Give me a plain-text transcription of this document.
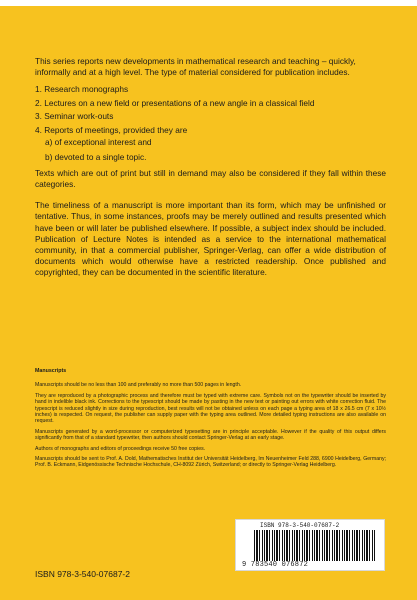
This series reports new developments in mathematical research and teaching – quickly, informally and at a high level. The type of material considered for publication includes.

1. Research monographs
2. Lectures on a new field or presentations of a new angle in a classical field
3. Seminar work-outs
4. Reports of meetings, provided they are
a) of exceptional interest and
b) devoted to a single topic.

Texts which are out of print but still in demand may also be considered if they fall within these categories.

The timeliness of a manuscript is more important than its form, which may be unfinished or tentative. Thus, in some instances, proofs may be merely outlined and results presented which have been or will later be published elsewhere. If possible, a subject index should be included. Publication of Lecture Notes is intended as a service to the international mathematical community, in that a commercial publisher, Springer-Verlag, can offer a wide distribution of documents which would otherwise have a restricted readership. Once published and copyrighted, they can be documented in the scientific literature.

Manuscripts

Manuscripts should be no less than 100 and preferably no more than 500 pages in length.

They are reproduced by a photographic process and therefore must be typed with extreme care. Symbols not on the typewriter should be inserted by hand in indelible black ink. Corrections to the typescript should be made by pasting in the new text or painting out errors with white correction fluid. The typescript is reduced slightly in size during reproduction, best results will not be obtained unless on each page a typing area of 18 x 26.5 cm (7 x 10½ inches) is respected. On request, the publisher can supply paper with the typing area outlined. More detailed typing instructions are also available on request.

Manuscripts generated by a word-processor or computerized typesetting are in principle acceptable. However if the quality of this output differs significantly from that of a standard typewriter, then authors should contact Springer-Verlag at an early stage.

Authors of monographs and editors of proceedings receive 50 free copies.

Manuscripts should be sent to Prof. A. Dold, Mathematisches Institut der Universität Heidelberg, Im Neuenheimer Feld 288, 6900 Heidelberg, Germany; Prof. B. Eckmann, Eidgenössische Technische Hochschule, CH-8092 Zürich, Switzerland; or directly to Springer-Verlag Heidelberg.

ISBN 978-3-540-07687-2
9 783540 076872
ISBN 978-3-540-07687-2
